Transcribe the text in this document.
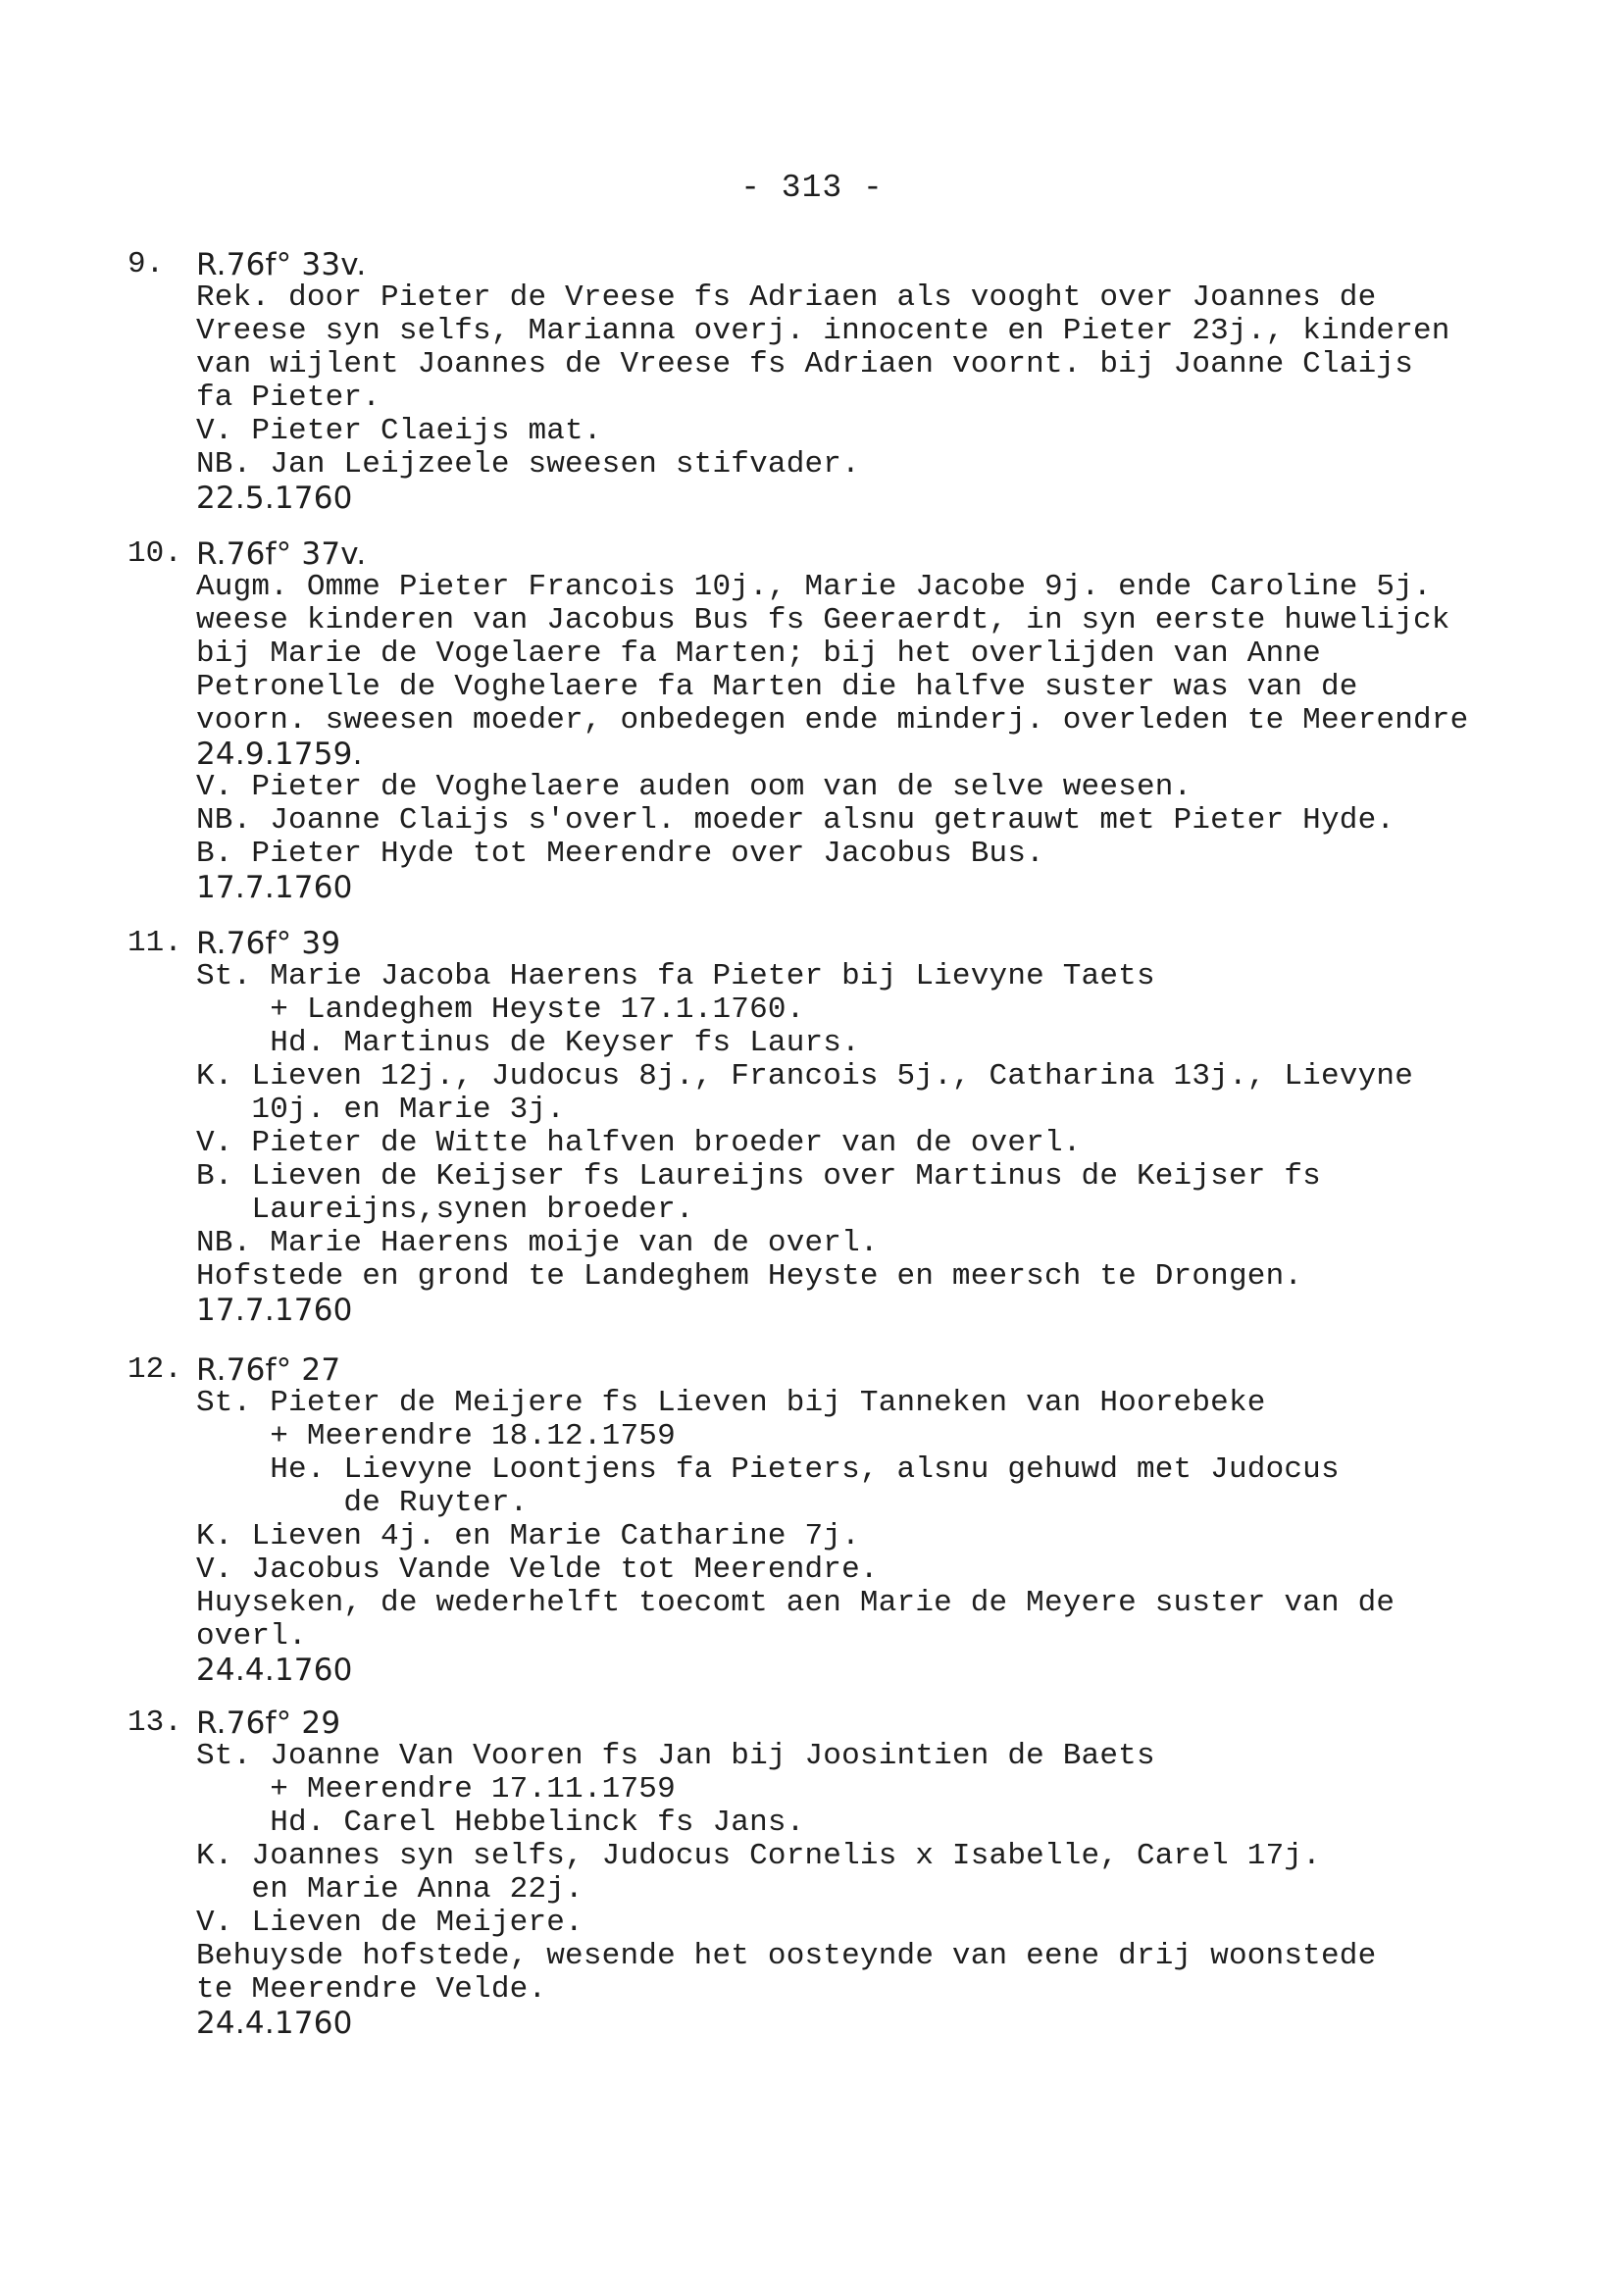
- 313 -
9. R.76f° 33v.
Rek. door Pieter de Vreese fs Adriaen als vooght over Joannes de
Vreese syn selfs, Marianna overj. innocente en Pieter 23j., kinderen
van wijlent Joannes de Vreese fs Adriaen voornt. bij Joanne Claijs
fa Pieter.
V. Pieter Claeijs mat.
NB. Jan Leijzeele sweesen stifvader.
22.5.1760
10. R.76f° 37v.
Augm. Omme Pieter Francois 10j., Marie Jacobe 9j. ende Caroline 5j.
weese kinderen van Jacobus Bus fs Geeraerdt, in syn eerste huwelijck
bij Marie de Vogelaere fa Marten; bij het overlijden van Anne
Petronelle de Voghelaere fa Marten die halfve suster was van de
voorn. sweesen moeder, onbedegen ende minderj. overleden te Meerendre
24.9.1759.
V. Pieter de Voghelaere auden oom van de selve weesen.
NB. Joanne Claijs s'overl. moeder alsnu getrauwt met Pieter Hyde.
B. Pieter Hyde tot Meerendre over Jacobus Bus.
17.7.1760
11. R.76f° 39
St. Marie Jacoba Haerens fa Pieter bij Lievyne Taets
+ Landeghem Heyste 17.1.1760.
Hd. Martinus de Keyser fs Laurs.
K. Lieven 12j., Judocus 8j., Francois 5j., Catharina 13j., Lievyne
10j. en Marie 3j.
V. Pieter de Witte halfven broeder van de overl.
B. Lieven de Keijser fs Laureijns over Martinus de Keijser fs
Laureijns,synen broeder.
NB. Marie Haerens moije van de overl.
Hofstede en grond te Landeghem Heyste en meersch te Drongen.
17.7.1760
12. R.76f° 27
St. Pieter de Meijere fs Lieven bij Tanneken van Hoorebeke
+ Meerendre 18.12.1759
He. Lievyne Loontjens fa Pieters, alsnu gehuwd met Judocus
de Ruyter.
K. Lieven 4j. en Marie Catharine 7j.
V. Jacobus Vande Velde tot Meerendre.
Huyseken, de wederhelft toecomt aen Marie de Meyere suster van de
overl.
24.4.1760
13. R.76f° 29
St. Joanne Van Vooren fs Jan bij Joosintien de Baets
+ Meerendre 17.11.1759
Hd. Carel Hebbelinck fs Jans.
K. Joannes syn selfs, Judocus Cornelis x Isabelle, Carel 17j.
en Marie Anna 22j.
V. Lieven de Meijere.
Behuysde hofstede, wesende het oosteynde van eene drij woonstede
te Meerendre Velde.
24.4.1760
